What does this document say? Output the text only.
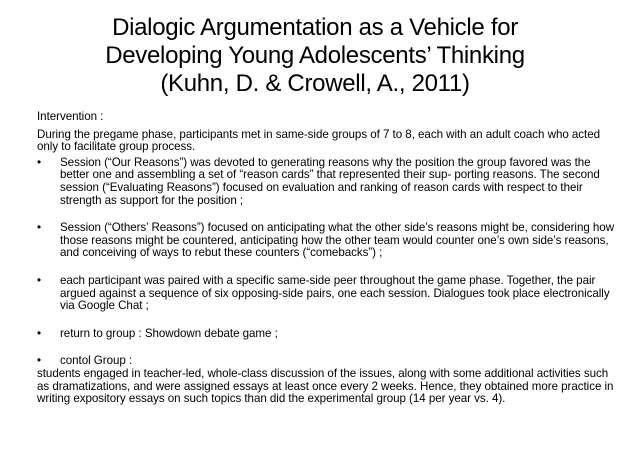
Dialogic Argumentation as a Vehicle for
Developing Young Adolescents’ Thinking
(Kuhn, D. & Crowell, A., 2011)

Intervention :

During the pregame phase, participants met in same-side groups of 7 to 8, each with an adult coach who acted only to facilitate group process.

• Session (“Our Reasons”) was devoted to generating reasons why the position the group favored was the better one and assembling a set of “reason cards” that represented their sup- porting reasons. The second session (“Evaluating Reasons”) focused on evaluation and ranking of reason cards with respect to their strength as support for the position ;
• Session (“Others’ Reasons”) focused on anticipating what the other side’s reasons might be, considering how those reasons might be countered, anticipating how the other team would counter one’s own side’s reasons, and conceiving of ways to rebut these counters (“comebacks”) ;
• each participant was paired with a specific same-side peer throughout the game phase. Together, the pair argued against a sequence of six opposing-side pairs, one each session. Dialogues took place electronically via Google Chat ;
• return to group : Showdown debate game ;
• contol Group :

students engaged in teacher-led, whole-class discussion of the issues, along with some additional activities such as dramatizations, and were assigned essays at least once every 2 weeks. Hence, they obtained more practice in writing expository essays on such topics than did the experimental group (14 per year vs. 4).
